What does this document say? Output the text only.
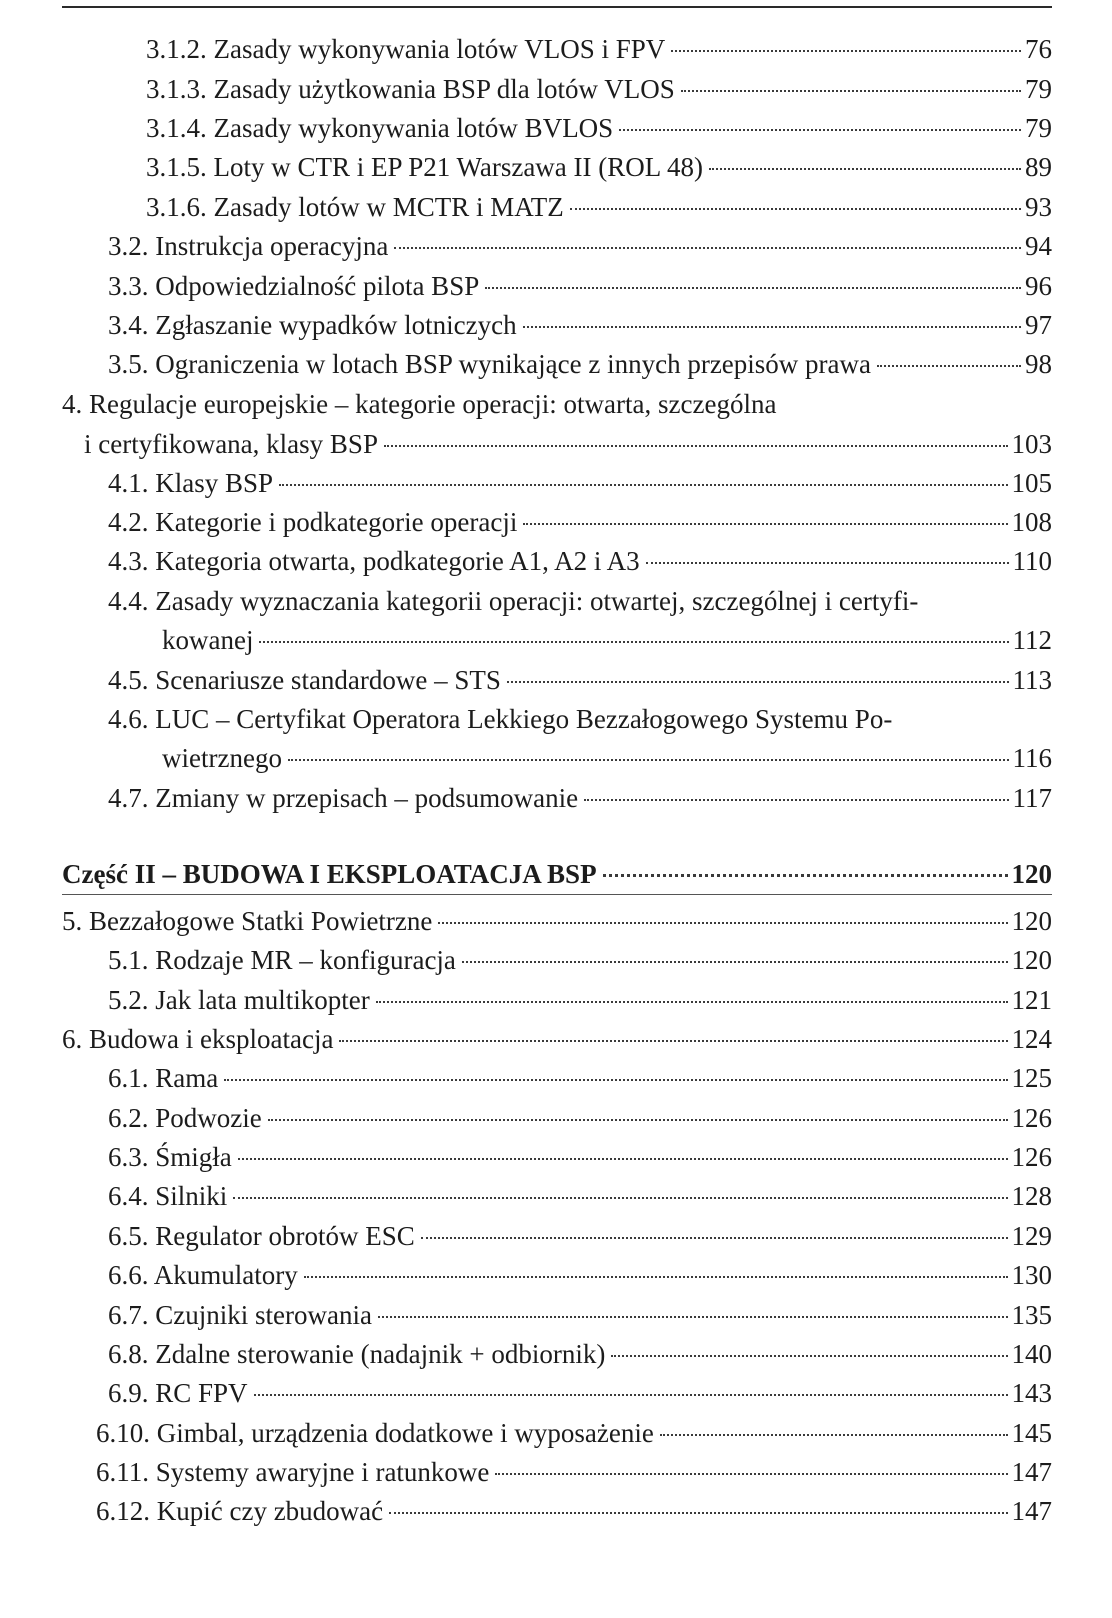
3.1.2. Zasady wykonywania lotów VLOS i FPV	76
3.1.3. Zasady użytkowania BSP dla lotów VLOS	79
3.1.4. Zasady wykonywania lotów BVLOS	79
3.1.5. Loty w CTR i EP P21 Warszawa II (ROL 48)	89
3.1.6. Zasady lotów w MCTR i MATZ	93
3.2. Instrukcja operacyjna	94
3.3. Odpowiedzialność pilota BSP	96
3.4. Zgłaszanie wypadków lotniczych	97
3.5. Ograniczenia w lotach BSP wynikające z innych przepisów prawa	98
4. Regulacje europejskie – kategorie operacji: otwarta, szczególna
i certyfikowana, klasy BSP	103
4.1. Klasy BSP	105
4.2. Kategorie i podkategorie operacji	108
4.3. Kategoria otwarta, podkategorie A1, A2 i A3	110
4.4. Zasady wyznaczania kategorii operacji: otwartej, szczególnej i certyfi-
kowanej	112
4.5. Scenariusze standardowe – STS	113
4.6. LUC – Certyfikat Operatora Lekkiego Bezzałogowego Systemu Po-
wietrznego	116
4.7. Zmiany w przepisach – podsumowanie	117
Część II – BUDOWA I EKSPLOATACJA BSP	120
5. Bezzałogowe Statki Powietrzne	120
5.1. Rodzaje MR – konfiguracja	120
5.2. Jak lata multikopter	121
6. Budowa i eksploatacja	124
6.1. Rama	125
6.2. Podwozie	126
6.3. Śmigła	126
6.4. Silniki	128
6.5. Regulator obrotów ESC	129
6.6. Akumulatory	130
6.7. Czujniki sterowania	135
6.8. Zdalne sterowanie (nadajnik + odbiornik)	140
6.9. RC FPV	143
6.10. Gimbal, urządzenia dodatkowe i wyposażenie	145
6.11. Systemy awaryjne i ratunkowe	147
6.12. Kupić czy zbudować	147
